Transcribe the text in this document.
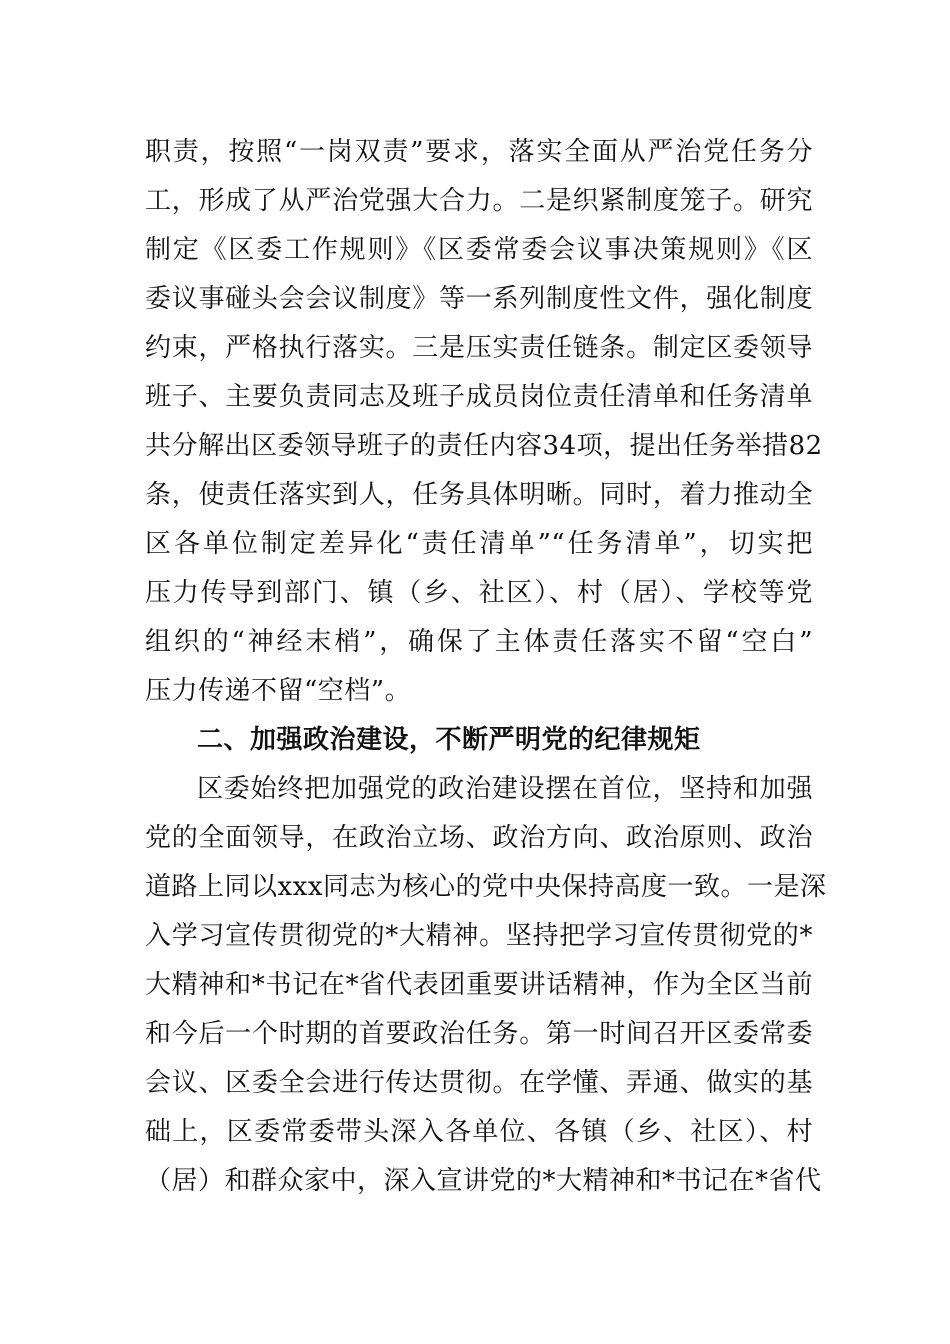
职责，按照“一岗双责”要求，落实全面从严治党任务分
工，形成了从严治党强大合力。二是织紧制度笼子。研究
制定《区委工作规则》《区委常委会议事决策规则》《区
委议事碰头会会议制度》等一系列制度性文件，强化制度
约束，严格执行落实。三是压实责任链条。制定区委领导
班子、主要负责同志及班子成员岗位责任清单和任务清单
共分解出区委领导班子的责任内容34项，提出任务举措82
条，使责任落实到人，任务具体明晰。同时，着力推动全
区各单位制定差异化“责任清单”“任务清单”，切实把
压力传导到部门、镇（乡、社区）、村（居）、学校等党
组织的“神经末梢”，确保了主体责任落实不留“空白”
压力传递不留“空档”。
二、加强政治建设，不断严明党的纪律规矩
区委始终把加强党的政治建设摆在首位，坚持和加强
党的全面领导，在政治立场、政治方向、政治原则、政治
道路上同以xxx同志为核心的党中央保持高度一致。一是深
入学习宣传贯彻党的*大精神。坚持把学习宣传贯彻党的*
大精神和*书记在*省代表团重要讲话精神，作为全区当前
和今后一个时期的首要政治任务。第一时间召开区委常委
会议、区委全会进行传达贯彻。在学懂、弄通、做实的基
础上，区委常委带头深入各单位、各镇（乡、社区）、村
（居）和群众家中，深入宣讲党的*大精神和*书记在*省代
